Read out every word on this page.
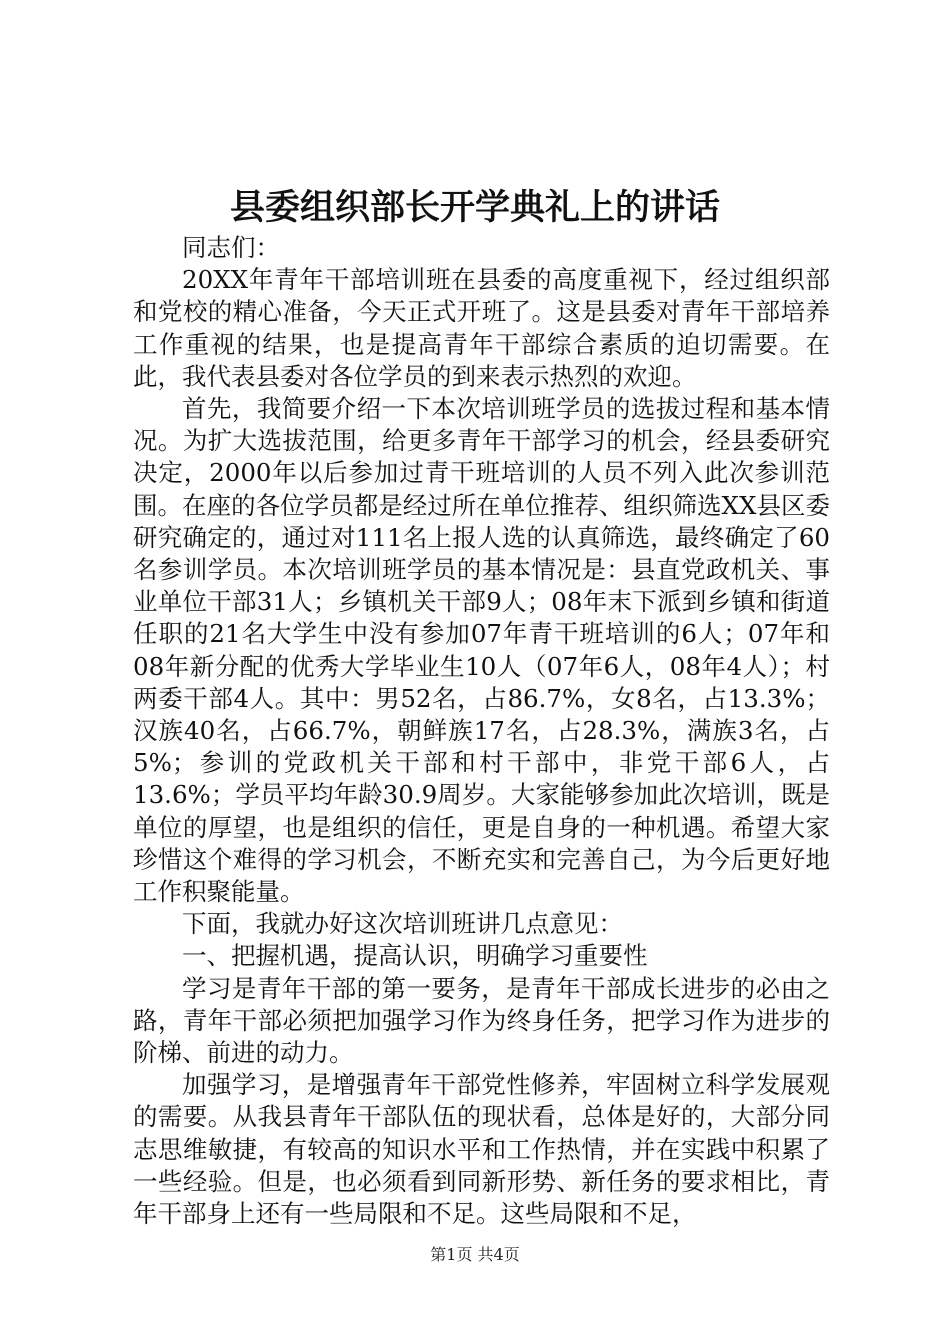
县委组织部长开学典礼上的讲话

同志们：

20XX年青年干部培训班在县委的高度重视下，经过组织部和党校的精心准备，今天正式开班了。这是县委对青年干部培养工作重视的结果，也是提高青年干部综合素质的迫切需要。在此，我代表县委对各位学员的到来表示热烈的欢迎。

首先，我简要介绍一下本次培训班学员的选拔过程和基本情况。为扩大选拔范围，给更多青年干部学习的机会，经县委研究决定，2000年以后参加过青干班培训的人员不列入此次参训范围。在座的各位学员都是经过所在单位推荐、组织筛选XX县区委研究确定的，通过对111名上报人选的认真筛选，最终确定了60名参训学员。本次培训班学员的基本情况是：县直党政机关、事业单位干部31人；乡镇机关干部9人；08年末下派到乡镇和街道任职的21名大学生中没有参加07年青干班培训的6人；07年和08年新分配的优秀大学毕业生10人（07年6人，08年4人）；村两委干部4人。其中：男52名，占86.7%，女8名，占13.3%；汉族40名，占66.7%，朝鲜族17名，占28.3%，满族3名，占5%；参训的党政机关干部和村干部中，非党干部6人，占13.6%；学员平均年龄30.9周岁。大家能够参加此次培训，既是单位的厚望，也是组织的信任，更是自身的一种机遇。希望大家珍惜这个难得的学习机会，不断充实和完善自己，为今后更好地工作积聚能量。

下面，我就办好这次培训班讲几点意见：

一、把握机遇，提高认识，明确学习重要性

学习是青年干部的第一要务，是青年干部成长进步的必由之路，青年干部必须把加强学习作为终身任务，把学习作为进步的阶梯、前进的动力。

加强学习，是增强青年干部党性修养，牢固树立科学发展观的需要。从我县青年干部队伍的现状看，总体是好的，大部分同志思维敏捷，有较高的知识水平和工作热情，并在实践中积累了一些经验。但是，也必须看到同新形势、新任务的要求相比，青年干部身上还有一些局限和不足。这些局限和不足，

第1页 共4页
